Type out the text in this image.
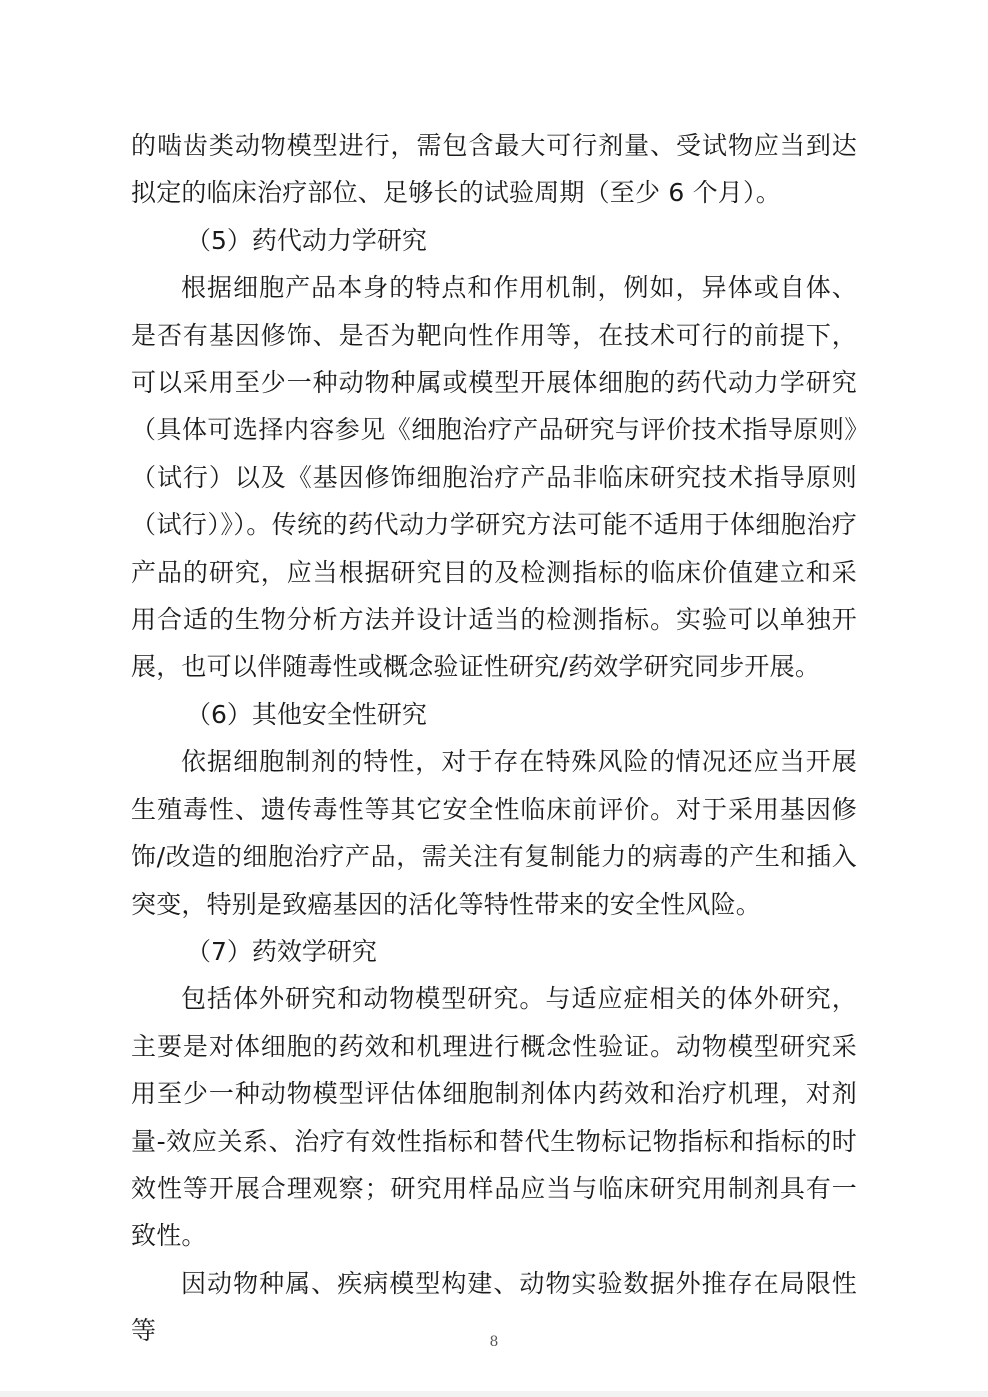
的啮齿类动物模型进行，需包含最大可行剂量、受试物应当到达拟定的临床治疗部位、足够长的试验周期（至少 6 个月）。

（5）药代动力学研究

根据细胞产品本身的特点和作用机制，例如，异体或自体、是否有基因修饰、是否为靶向性作用等，在技术可行的前提下，可以采用至少一种动物种属或模型开展体细胞的药代动力学研究（具体可选择内容参见《细胞治疗产品研究与评价技术指导原则》（试行）以及《基因修饰细胞治疗产品非临床研究技术指导原则（试行）》）。传统的药代动力学研究方法可能不适用于体细胞治疗产品的研究，应当根据研究目的及检测指标的临床价值建立和采用合适的生物分析方法并设计适当的检测指标。实验可以单独开展，也可以伴随毒性或概念验证性研究/药效学研究同步开展。

（6）其他安全性研究

依据细胞制剂的特性，对于存在特殊风险的情况还应当开展生殖毒性、遗传毒性等其它安全性临床前评价。对于采用基因修饰/改造的细胞治疗产品，需关注有复制能力的病毒的产生和插入突变，特别是致癌基因的活化等特性带来的安全性风险。

（7）药效学研究

包括体外研究和动物模型研究。与适应症相关的体外研究，主要是对体细胞的药效和机理进行概念性验证。动物模型研究采用至少一种动物模型评估体细胞制剂体内药效和治疗机理，对剂量-效应关系、治疗有效性指标和替代生物标记物指标和指标的时效性等开展合理观察；研究用样品应当与临床研究用制剂具有一致性。

因动物种属、疾病模型构建、动物实验数据外推存在局限性等	8
